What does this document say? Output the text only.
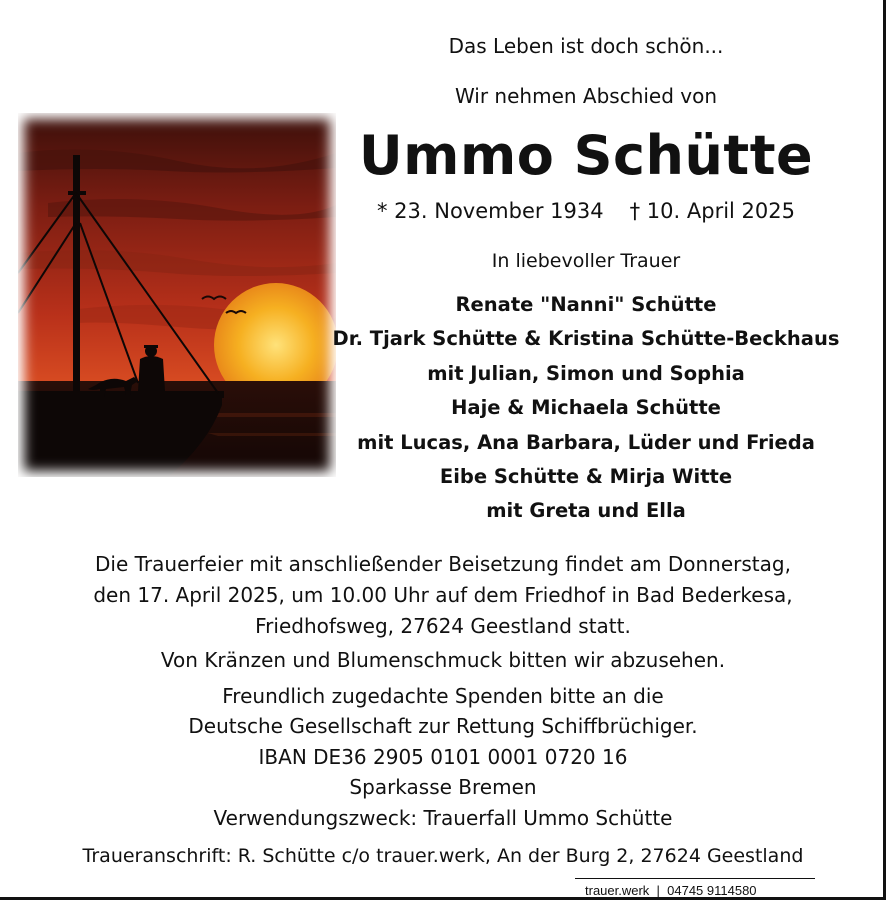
Das Leben ist doch schön...
Wir nehmen Abschied von
Ummo Schütte
* 23. November 1934 † 10. April 2025
In liebevoller Trauer
Renate "Nanni" Schütte
Dr. Tjark Schütte & Kristina Schütte-Beckhaus
mit Julian, Simon und Sophia
Haje & Michaela Schütte
mit Lucas, Ana Barbara, Lüder und Frieda
Eibe Schütte & Mirja Witte
mit Greta und Ella
Die Trauerfeier mit anschließender Beisetzung findet am Donnerstag,
den 17. April 2025, um 10.00 Uhr auf dem Friedhof in Bad Bederkesa,
Friedhofsweg, 27624 Geestland statt.
Von Kränzen und Blumenschmuck bitten wir abzusehen.
Freundlich zugedachte Spenden bitte an die
Deutsche Gesellschaft zur Rettung Schiffbrüchiger.
IBAN DE36 2905 0101 0001 0720 16
Sparkasse Bremen
Verwendungszweck: Trauerfall Ummo Schütte
Traueranschrift: R. Schütte c/o trauer.werk, An der Burg 2, 27624 Geestland
trauer.werk  |  04745 9114580
